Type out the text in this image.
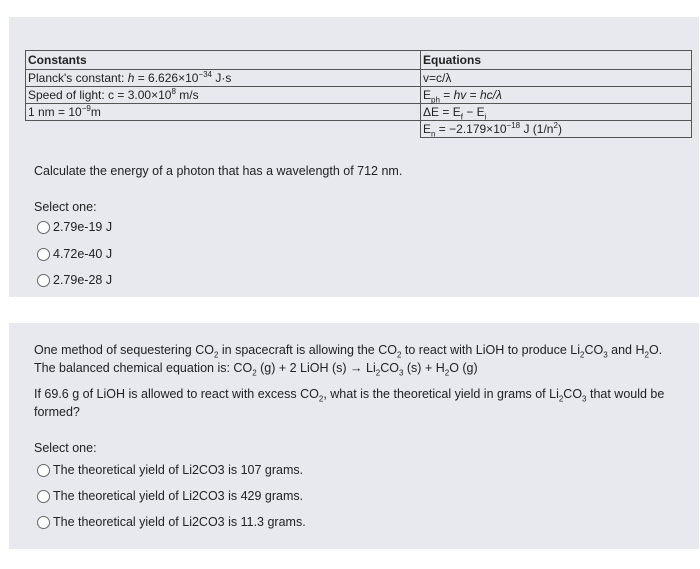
Constants	Equations
Planck's constant: $h = 6.626\times 10^{-34}$ J·s	v=c/λ
Speed of light: $c = 3.00\times 10^8$ m/s	$E_{ph}$ = hv = hc/λ
1 nm = $10^{-9}m$	$\Delta E = E_f - E_i$
	$E_n = -2.179\times 10^{-18}$ J $(1/n^2)$
Calculate the energy of a photon that has a wavelength of 712 nm.
Select one:
2.79e-19 J
4.72e-40 J
2.79e-28 J
One method of sequestering $CO_2$ in spacecraft is allowing the $CO_2$ to react with LiOH to produce $Li_2CO_3$ and $H_2O$.
The balanced chemical equation is: $CO_2$ (g) + 2 LiOH $(s) \to Li_2CO_3$ $(s) + H_2O$ (g)
If 69.6 g of LiOH is allowed to react with excess $CO_2$, what is the theoretical yield in grams of $Li_2CO_3$ that would be
formed?
Select one:
The theoretical yield of Li2CO3 is 107 grams.
The theoretical yield of Li2CO3 is 429 grams.
The theoretical yield of Li2CO3 is 11.3 grams.
